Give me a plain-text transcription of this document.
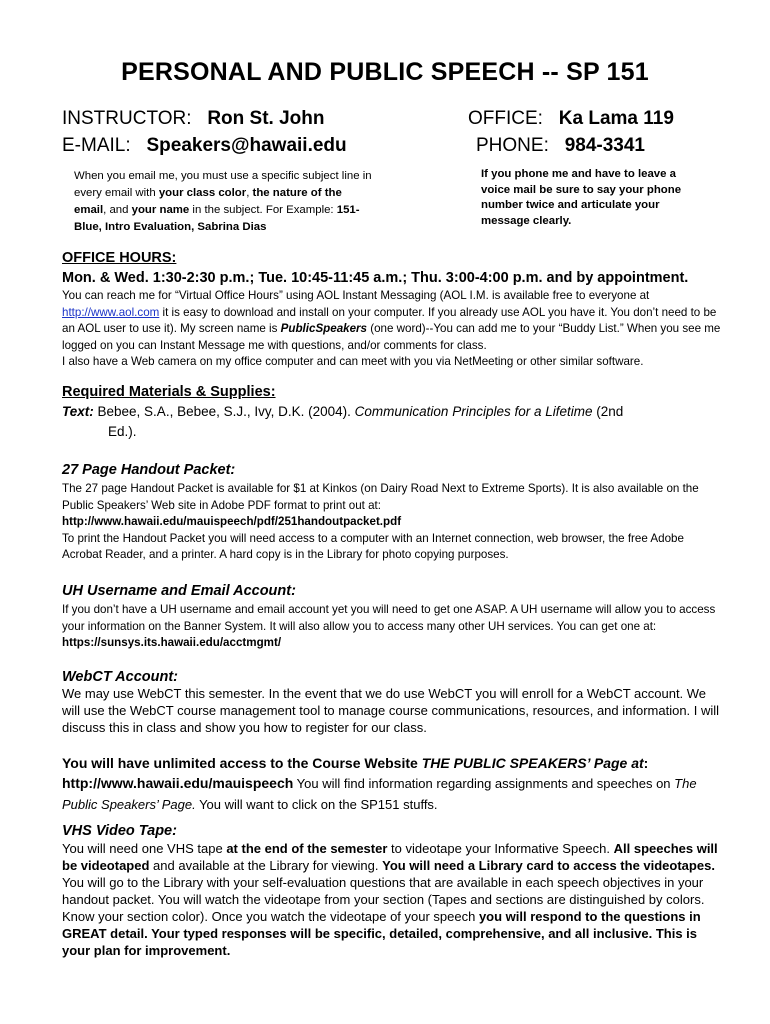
PERSONAL AND PUBLIC SPEECH -- SP 151
INSTRUCTOR: Ron St. John
E-MAIL: Speakers@hawaii.edu
OFFICE: Ka Lama 119
PHONE: 984-3341
When you email me, you must use a specific subject line in every email with your class color, the nature of the email, and your name in the subject. For Example: 151-Blue, Intro Evaluation, Sabrina Dias
If you phone me and have to leave a voice mail be sure to say your phone number twice and articulate your message clearly.

OFFICE HOURS:

Mon. & Wed. 1:30-2:30 p.m.; Tue. 10:45-11:45 a.m.; Thu. 3:00-4:00 p.m. and by appointment.

You can reach me for “Virtual Office Hours” using AOL Instant Messaging (AOL I.M. is available free to everyone at http://www.aol.com it is easy to download and install on your computer. If you already use AOL you have it. You don’t need to be an AOL user to use it). My screen name is PublicSpeakers (one word)--You can add me to your “Buddy List.” When you see me logged on you can Instant Message me with questions, and/or comments for class.

I also have a Web camera on my office computer and can meet with you via NetMeeting or other similar software.

Required Materials & Supplies:

Text: Bebee, S.A., Bebee, S.J., Ivy, D.K. (2004). Communication Principles for a Lifetime (2nd

Ed.).

27 Page Handout Packet:

The 27 page Handout Packet is available for $1 at Kinkos (on Dairy Road Next to Extreme Sports). It is also available on the Public Speakers’ Web site in Adobe PDF format to print out at:

http://www.hawaii.edu/mauispeech/pdf/251handoutpacket.pdf

To print the Handout Packet you will need access to a computer with an Internet connection, web browser, the free Adobe Acrobat Reader, and a printer. A hard copy is in the Library for photo copying purposes.

UH Username and Email Account:

If you don’t have a UH username and email account yet you will need to get one ASAP. A UH username will allow you to access your information on the Banner System. It will also allow you to access many other UH services. You can get one at: https://sunsys.its.hawaii.edu/acctmgmt/

WebCT Account:

We may use WebCT this semester. In the event that we do use WebCT you will enroll for a WebCT account. We will use the WebCT course management tool to manage course communications, resources, and information. I will discuss this in class and show you how to register for our class.

You will have unlimited access to the Course Website THE PUBLIC SPEAKERS’ Page at:
http://www.hawaii.edu/mauispeech You will find information regarding assignments and speeches on The Public Speakers’ Page. You will want to click on the SP151 stuffs.

VHS Video Tape:

You will need one VHS tape at the end of the semester to videotape your Informative Speech. All speeches will be videotaped and available at the Library for viewing. You will need a Library card to access the videotapes. You will go to the Library with your self-evaluation questions that are available in each speech objectives in your handout packet. You will watch the videotape from your section (Tapes and sections are distinguished by colors. Know your section color). Once you watch the videotape of your speech you will respond to the questions in GREAT detail. Your typed responses will be specific, detailed, comprehensive, and all inclusive. This is your plan for improvement.
